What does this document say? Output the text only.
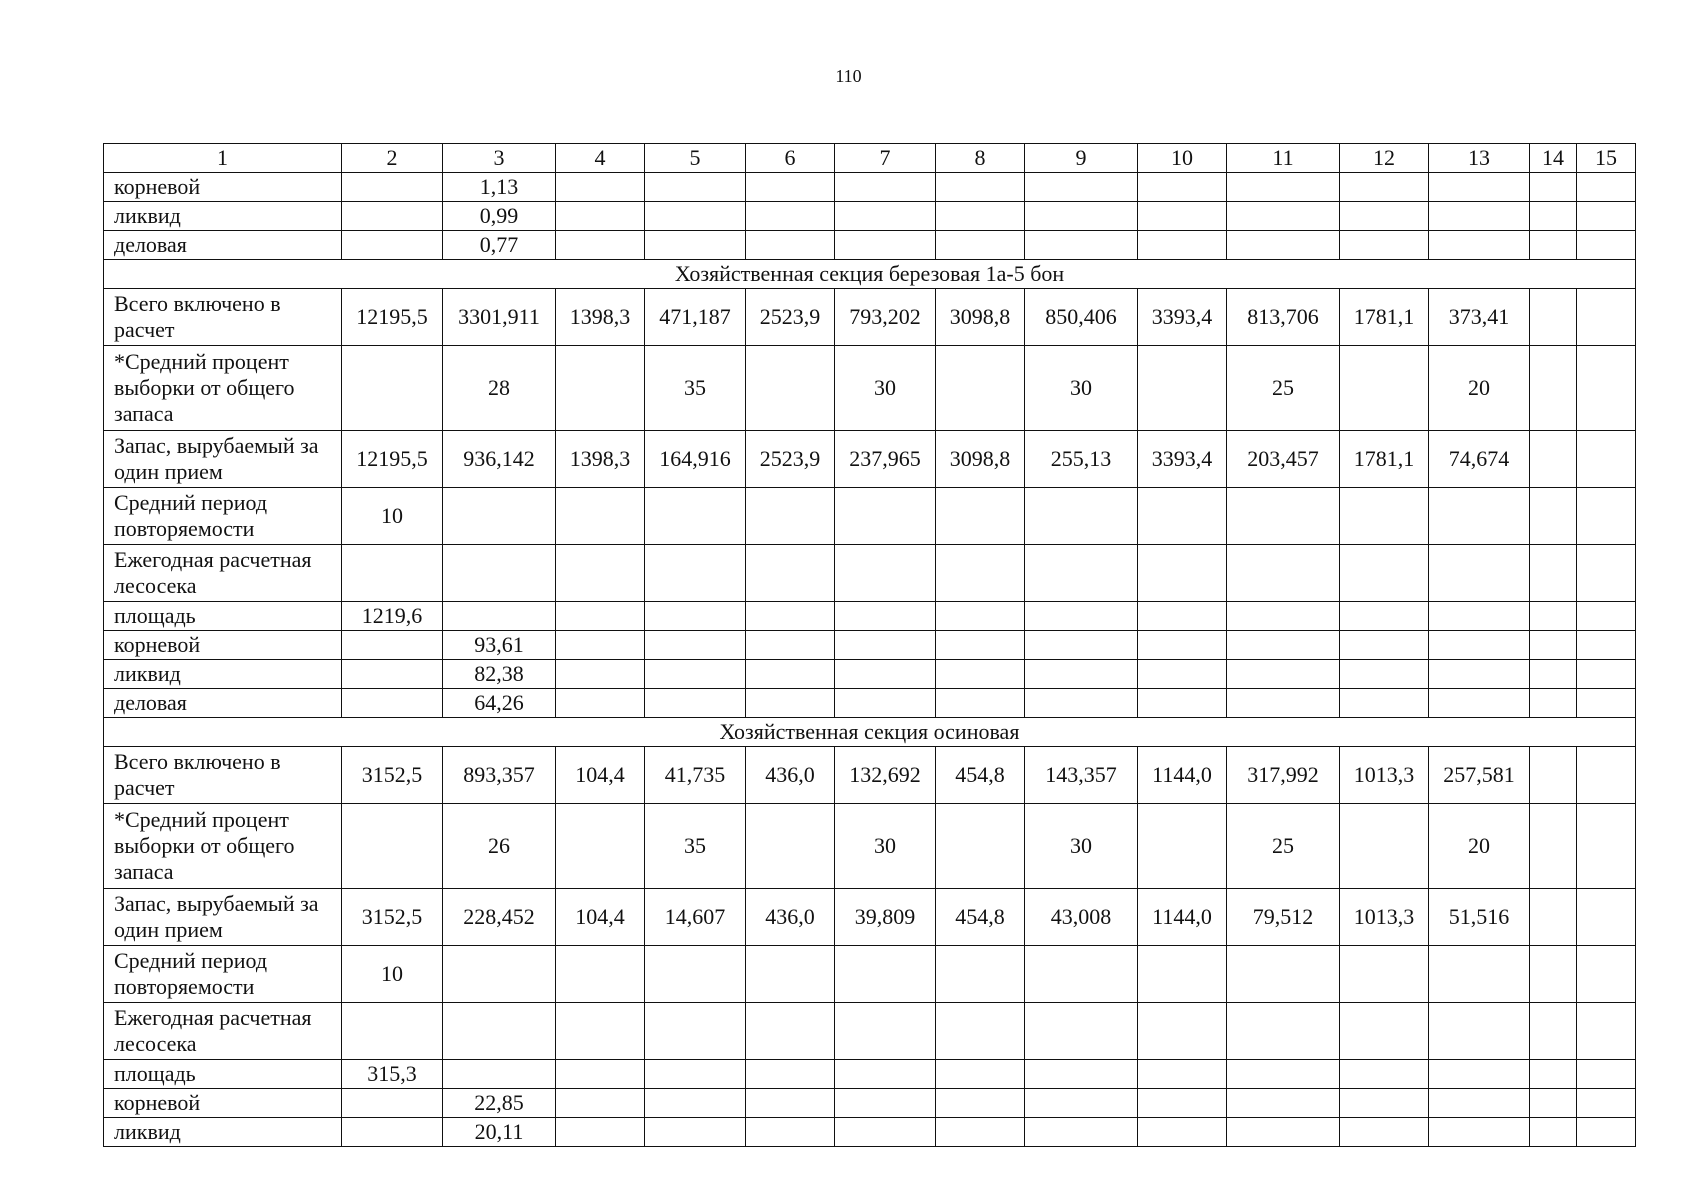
110
1	2	3	4	5	6	7	8	9	10	11	12	13	14	15
корневой		1,13												
ликвид		0,99												
деловая		0,77												
Хозяйственная секция березовая 1а-5 бон														
Всего включено в расчет	12195,5	3301,911	1398,3	471,187	2523,9	793,202	3098,8	850,406	3393,4	813,706	1781,1	373,41		
*Средний процент выборки от общего запаса		28		35		30		30		25		20		
Запас, вырубаемый за один прием	12195,5	936,142	1398,3	164,916	2523,9	237,965	3098,8	255,13	3393,4	203,457	1781,1	74,674		
Средний период повторяемости	10													
Ежегодная расчетная лесосека														
площадь	1219,6													
корневой		93,61												
ликвид		82,38												
деловая		64,26												
Хозяйственная секция осиновая														
Всего включено в расчет	3152,5	893,357	104,4	41,735	436,0	132,692	454,8	143,357	1144,0	317,992	1013,3	257,581		
*Средний процент выборки от общего запаса		26		35		30		30		25		20		
Запас, вырубаемый за один прием	3152,5	228,452	104,4	14,607	436,0	39,809	454,8	43,008	1144,0	79,512	1013,3	51,516		
Средний период повторяемости	10													
Ежегодная расчетная лесосека														
площадь	315,3													
корневой		22,85												
ликвид		20,11												
